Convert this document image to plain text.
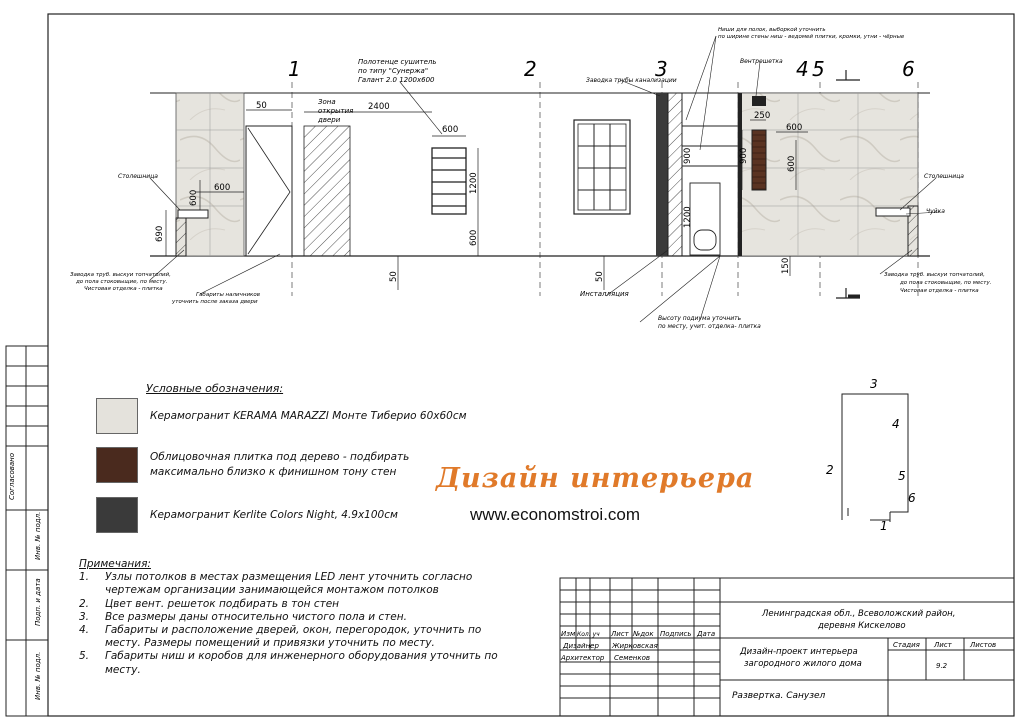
Согласовано
Инв. № подл.
Подп. и дата
Инв. № подл.
1	2	3	4 5	6
50	2400
600
1200
600
600
600
690
50	50
900
1200
250
600
900	600
150
Полотенце сушитель
по типу "Сунержа"
Галант 2.0 1200х600
Зона
открытия
двери
Ниши для полок, выборкой уточнить
по ширине стены ниш - ведомей плитки, кромки, утни - чёрные
Заводка трубы канализации
Вентрешетка
Инсталляция
Высоту подиума уточнить
по месту, учит. отделка- плитка
Столешница	Столешница
Чуйка
Заводка труб. выскуи топчатолий,
до пола стоковыщие, по месту.
Чистовая отделка - плитка
Габариты наличников
уточнить после заказа двери
Заводка труб. выскуи топчатолий,
до пола стоковыщие, по месту.
Чистовая отделка - плитка
3
4
2	5
6
1
Изм Кол. уч Лист №док Подпись Дата
Дизайнер Жирковская
Архитектор Семенков
Ленинградская обл., Всеволожский район,
деревня Кискелово
Дизайн-проект интерьера
загородного жилого дома
Развертка. Санузел
Стадия Лист	Листов
9.2
Условные обозначения:
Керамогранит KERAMA MARAZZI Монте Тиберио 60х60см
Облицовочная плитка под дерево - подбирать
максимально близко к финишном тону стен
Керамогранит Kerlite Colors Night, 4.9х100см
Дизайн интерьера
www.economstroi.com
Примечания:
1.	Узлы потолков в местах размещения LED лент уточнить согласно чертежам организации занимающейся монтажом потолков
2.	Цвет вент. решеток подбирать в тон стен
3.	Все размеры даны относительно чистого пола и стен.
4.	Габариты и расположение дверей, окон, перегородок, уточнить по месту. Размеры помещений и привязки уточнить по месту.
5.	Габариты ниш и коробов для инженерного оборудования уточнить по месту.
